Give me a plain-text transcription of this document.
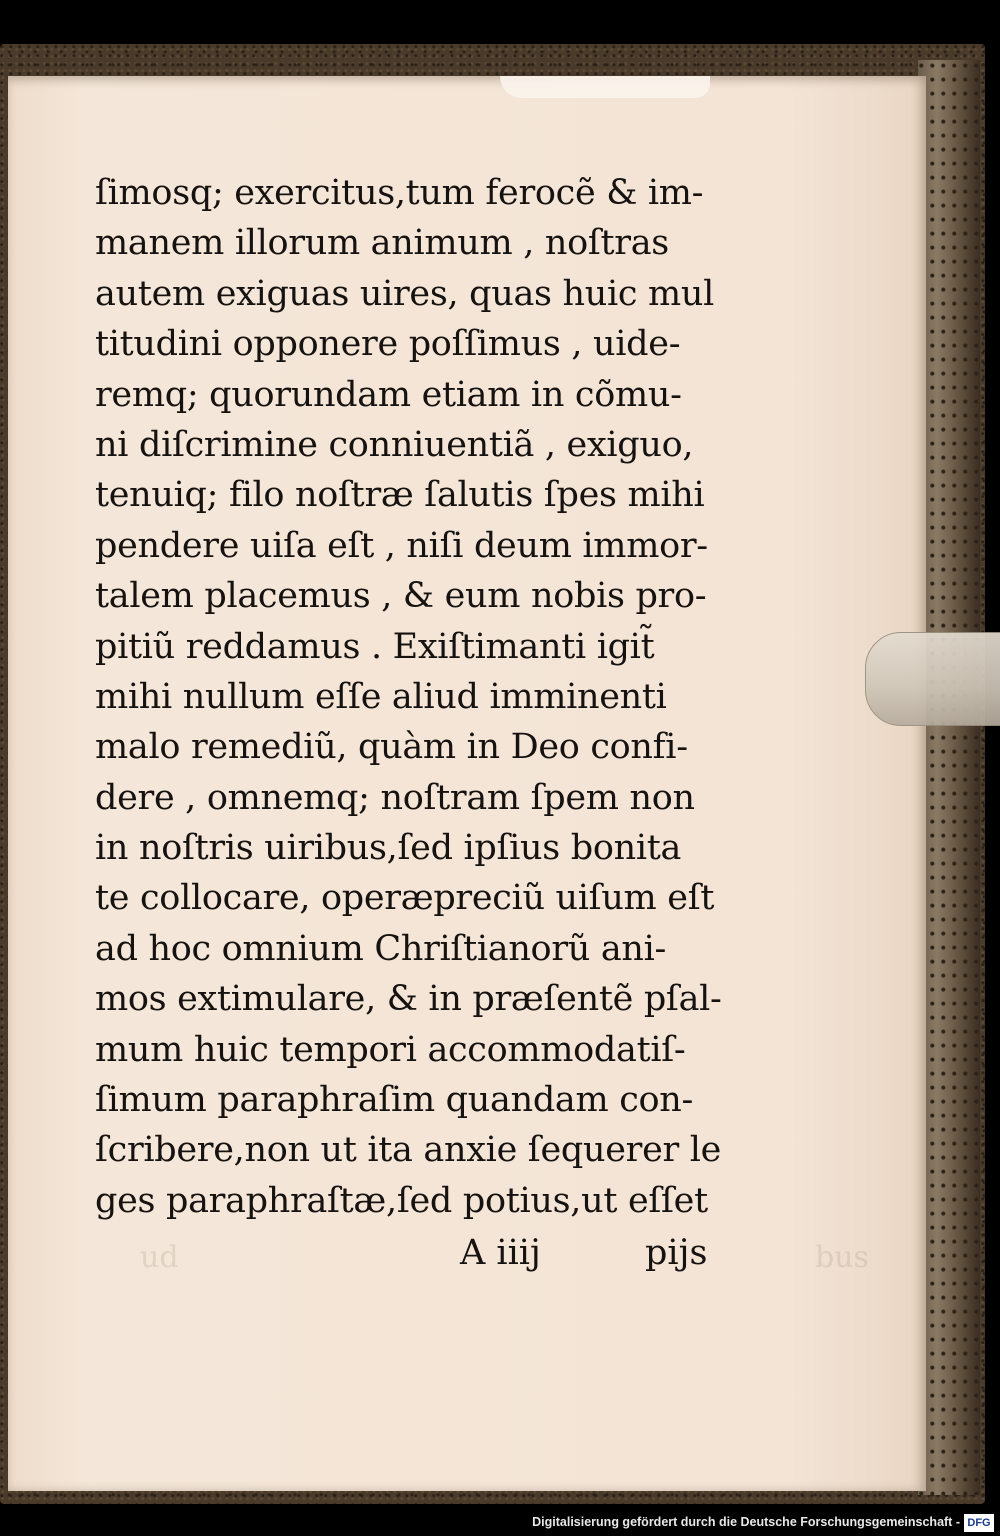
ud	bus
ſimosq; exercitus,tum ferocẽ & im-
manem illorum animum , noſtras
autem exiguas uires, quas huic mul
titudini opponere poſſimus , uide-
remq; quorundam etiam in cõmu-
ni diſcrimine conniuentiã , exiguo,
tenuiq; filo noſtræ ſalutis ſpes mihi
pendere uiſa eſt , niſi deum immor-
talem placemus , & eum nobis pro-
pitiũ reddamus . Exiſtimanti igit̃
mihi nullum eſſe aliud imminenti
malo remediũ, quàm in Deo confi-
dere , omnemq; noſtram ſpem non
in noſtris uiribus,ſed ipſius bonita
te collocare, operæpreciũ uiſum eſt
ad hoc omnium Chriſtianorũ ani-
mos extimulare, & in præſentẽ pſal-
mum huic tempori accommodatiſ-
ſimum paraphraſim quandam con-
ſcribere,non ut ita anxie ſequerer le
ges paraphraſtæ,ſed potius,ut eſſet
A iiij	pijs
Digitalisierung gefördert durch die Deutsche Forschungsgemeinschaft - DFG
